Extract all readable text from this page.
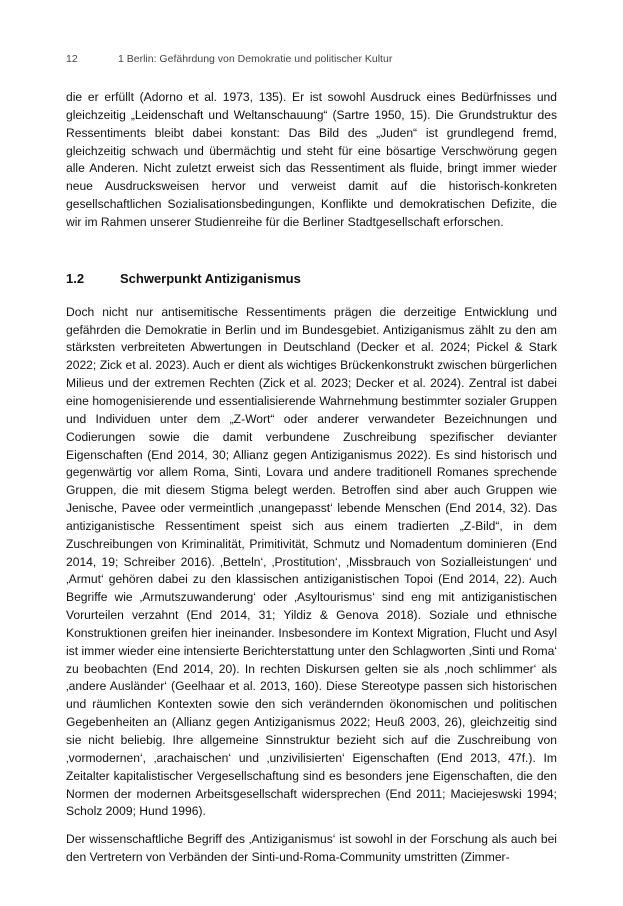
12	1 Berlin: Gefährdung von Demokratie und politischer Kultur

die er erfüllt (Adorno et al. 1973, 135). Er ist sowohl Ausdruck eines Bedürfnisses und gleichzeitig „Leidenschaft und Weltanschauung“ (Sartre 1950, 15). Die Grundstruktur des Ressentiments bleibt dabei konstant: Das Bild des „Juden“ ist grundlegend fremd, gleichzeitig schwach und übermächtig und steht für eine bösartige Verschwörung gegen alle Anderen. Nicht zuletzt erweist sich das Ressentiment als fluide, bringt immer wieder neue Ausdrucksweisen hervor und verweist damit auf die historisch-konkreten gesellschaftlichen Sozialisationsbedingungen, Konflikte und demokratischen Defizite, die wir im Rahmen unserer Studienreihe für die Berliner Stadtgesellschaft erforschen.

1.2	Schwerpunkt Antiziganismus

Doch nicht nur antisemitische Ressentiments prägen die derzeitige Entwicklung und gefährden die Demokratie in Berlin und im Bundesgebiet. Antiziganismus zählt zu den am stärksten verbreiteten Abwertungen in Deutschland (Decker et al. 2024; Pickel & Stark 2022; Zick et al. 2023). Auch er dient als wichtiges Brückenkonstrukt zwischen bürgerlichen Milieus und der extremen Rechten (Zick et al. 2023; Decker et al. 2024). Zentral ist dabei eine homogenisierende und essentialisierende Wahrnehmung bestimmter sozialer Gruppen und Individuen unter dem „Z-Wort“ oder anderer verwandeter Bezeichnungen und Codierungen sowie die damit verbundene Zuschreibung spezifischer devianter Eigenschaften (End 2014, 30; Allianz gegen Antiziganismus 2022). Es sind historisch und gegenwärtig vor allem Roma, Sinti, Lovara und andere traditionell Romanes sprechende Gruppen, die mit diesem Stigma belegt werden. Betroffen sind aber auch Gruppen wie Jenische, Pavee oder vermeintlich ‚unangepasst‘ lebende Menschen (End 2014, 32). Das antiziganistische Ressentiment speist sich aus einem tradierten „Z-Bild“, in dem Zuschreibungen von Kriminalität, Primitivität, Schmutz und Nomadentum dominieren (End 2014, 19; Schreiber 2016). ‚Betteln‘, ‚Prostitution‘, ‚Missbrauch von Sozialleistungen‘ und ‚Armut‘ gehören dabei zu den klassischen antiziganistischen Topoi (End 2014, 22). Auch Begriffe wie ‚Armutszuwanderung‘ oder ‚Asyltourismus‘ sind eng mit antiziganistischen Vorurteilen verzahnt (End 2014, 31; Yildiz & Genova 2018). Soziale und ethnische Konstruktionen greifen hier ineinander. Insbesondere im Kontext Migration, Flucht und Asyl ist immer wieder eine intensierte Berichterstattung unter den Schlagworten ‚Sinti und Roma‘ zu beobachten (End 2014, 20). In rechten Diskursen gelten sie als ‚noch schlimmer‘ als ‚andere Ausländer‘ (Geelhaar et al. 2013, 160). Diese Stereotype passen sich historischen und räumlichen Kontexten sowie den sich verändernden ökonomischen und politischen Gegebenheiten an (Allianz gegen Antiziganismus 2022; Heuß 2003, 26), gleichzeitig sind sie nicht beliebig. Ihre allgemeine Sinnstruktur bezieht sich auf die Zuschreibung von ‚vormodernen‘, ‚arachaischen‘ und ‚unzivilisierten‘ Eigenschaften (End 2013, 47f.). Im Zeitalter kapitalistischer Vergesellschaftung sind es besonders jene Eigenschaften, die den Normen der modernen Arbeitsgesellschaft widersprechen (End 2011; Maciejeswski 1994; Scholz 2009; Hund 1996).

Der wissenschaftliche Begriff des ‚Antiziganismus‘ ist sowohl in der Forschung als auch bei den Vertretern von Verbänden der Sinti-und-Roma-Community umstritten (Zimmer-
